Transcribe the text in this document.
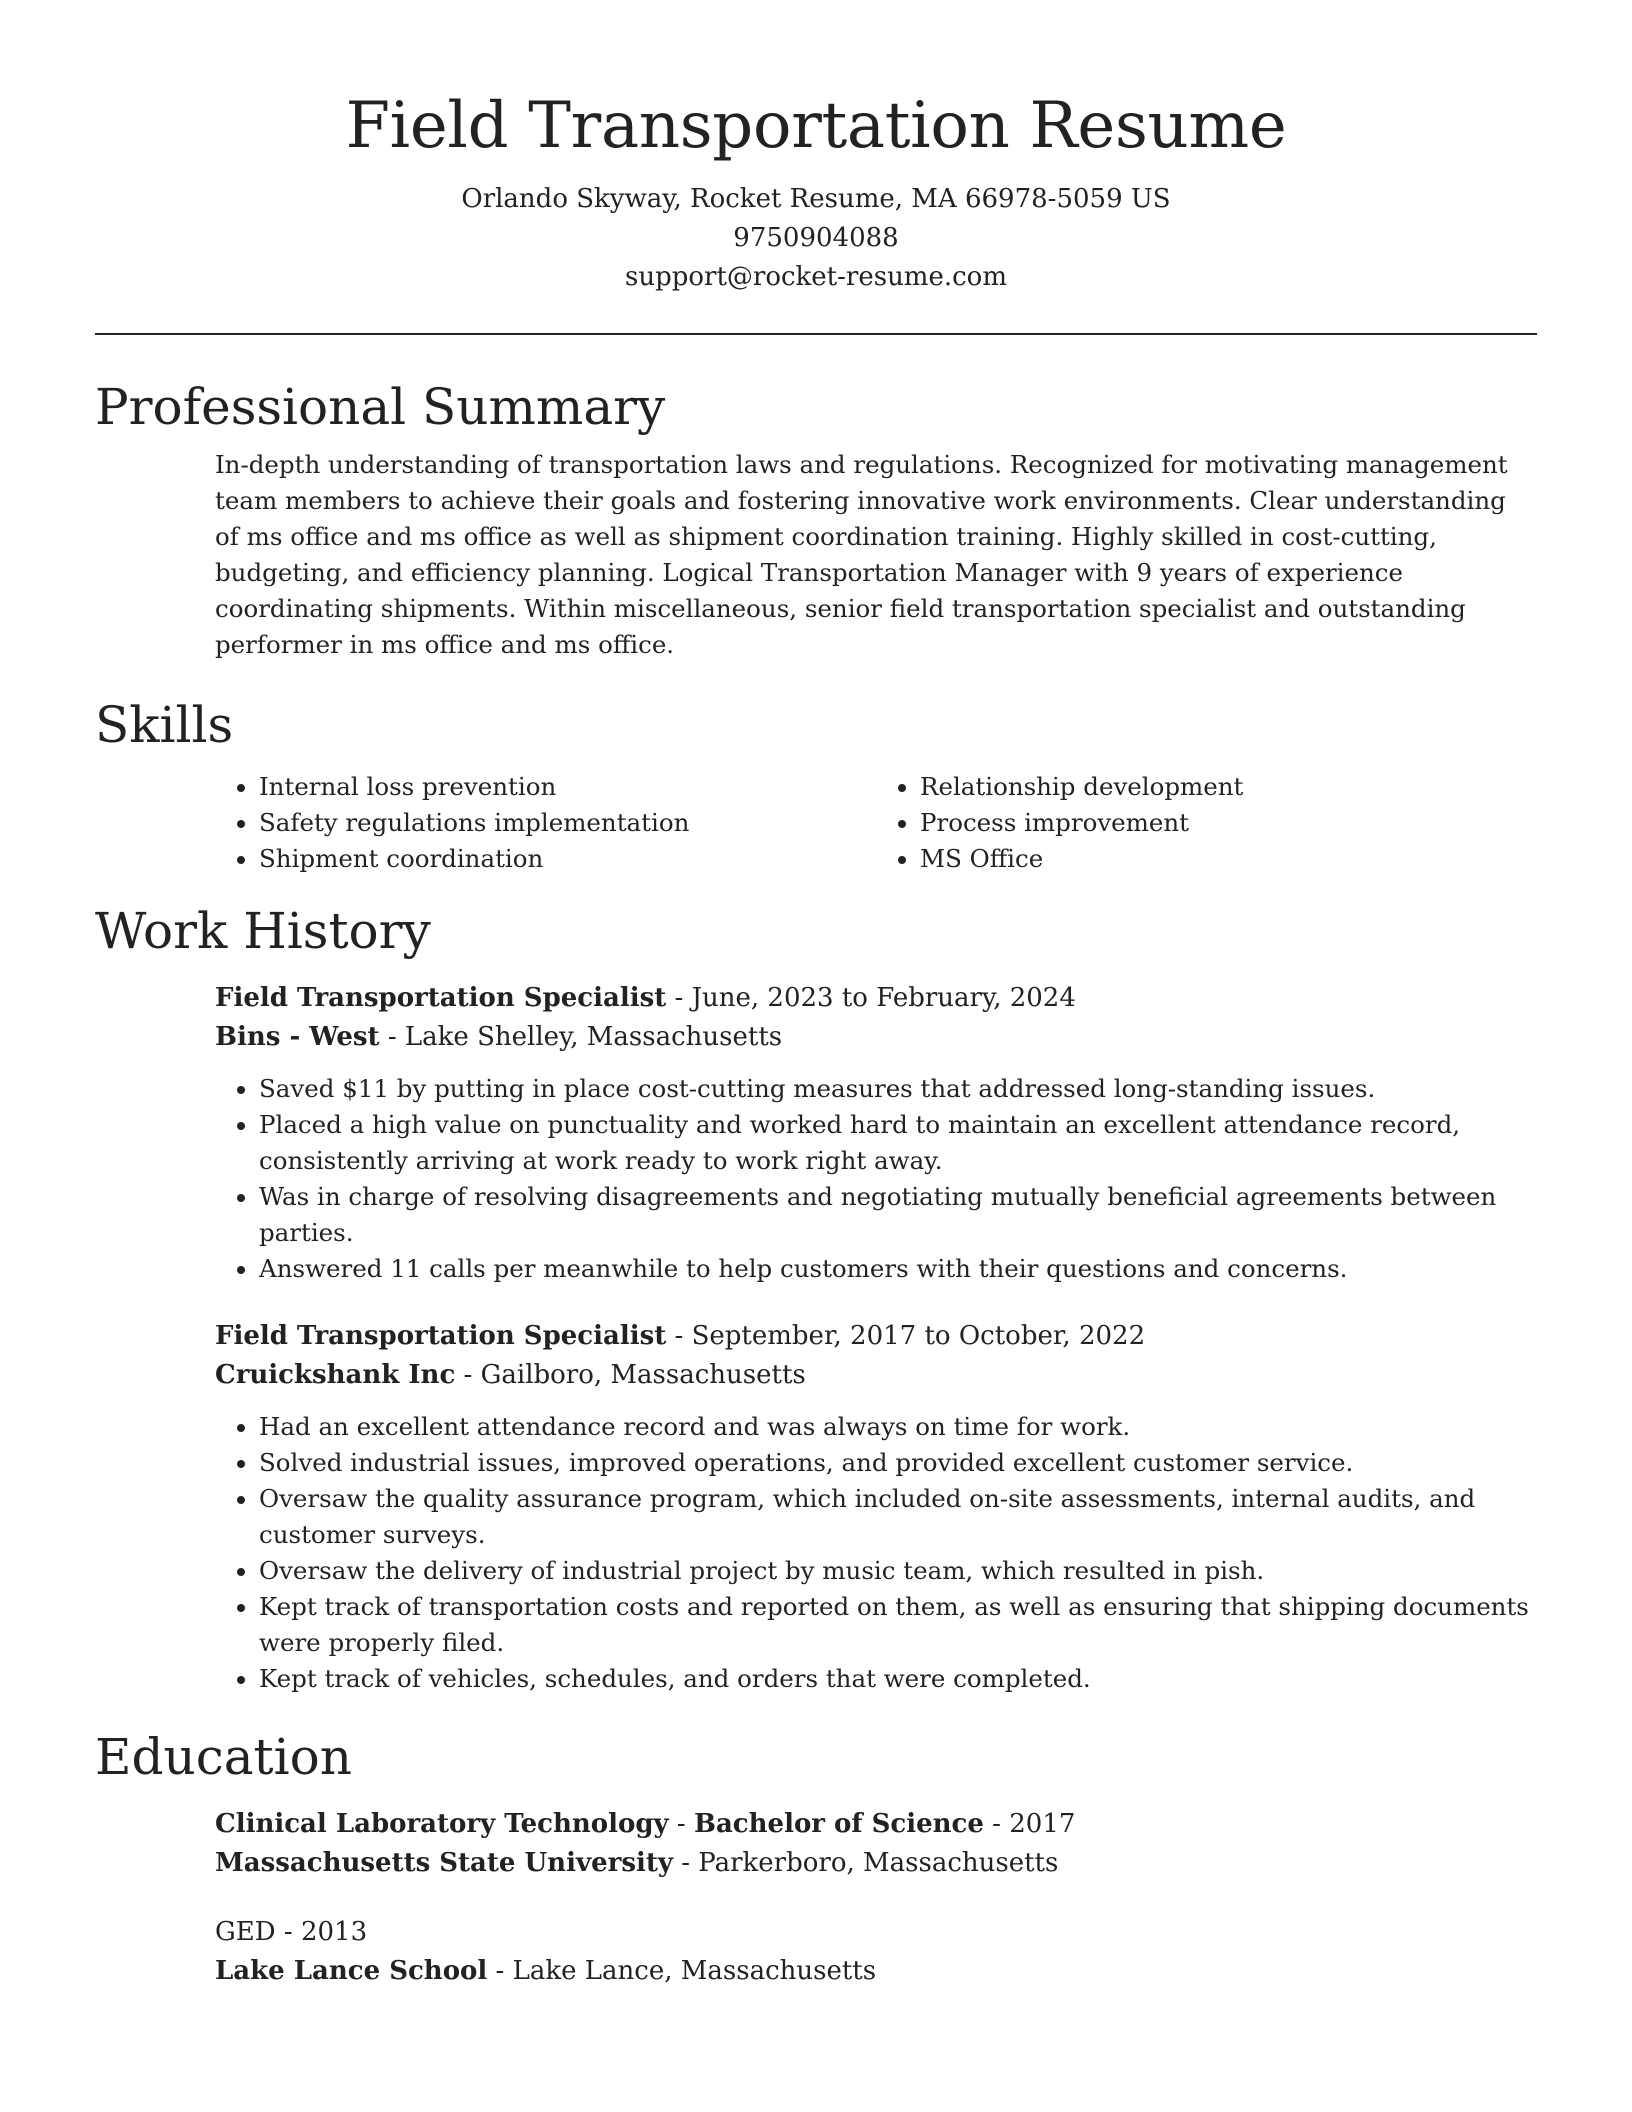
Field Transportation Resume
Orlando Skyway, Rocket Resume, MA 66978-5059 US
9750904088
support@rocket-resume.com
Professional Summary

In-depth understanding of transportation laws and regulations. Recognized for motivating management team members to achieve their goals and fostering innovative work environments. Clear understanding of ms office and ms office as well as shipment coordination training. Highly skilled in cost-cutting, budgeting, and efficiency planning. Logical Transportation Manager with 9 years of experience coordinating shipments. Within miscellaneous, senior field transportation specialist and outstanding performer in ms office and ms office.

Skills
• Internal loss prevention
• Safety regulations implementation
• Shipment coordination
• Relationship development
• Process improvement
• MS Office
Work History
Field Transportation Specialist - June, 2023 to February, 2024
Bins - West - Lake Shelley, Massachusetts
• Saved $11 by putting in place cost-cutting measures that addressed long-standing issues.
• Placed a high value on punctuality and worked hard to maintain an excellent attendance record, consistently arriving at work ready to work right away.
• Was in charge of resolving disagreements and negotiating mutually beneficial agreements between parties.
• Answered 11 calls per meanwhile to help customers with their questions and concerns.
Field Transportation Specialist - September, 2017 to October, 2022
Cruickshank Inc - Gailboro, Massachusetts
• Had an excellent attendance record and was always on time for work.
• Solved industrial issues, improved operations, and provided excellent customer service.
• Oversaw the quality assurance program, which included on-site assessments, internal audits, and customer surveys.
• Oversaw the delivery of industrial project by music team, which resulted in pish.
• Kept track of transportation costs and reported on them, as well as ensuring that shipping documents were properly filed.
• Kept track of vehicles, schedules, and orders that were completed.
Education
Clinical Laboratory Technology - Bachelor of Science - 2017
Massachusetts State University - Parkerboro, Massachusetts
GED - 2013
Lake Lance School - Lake Lance, Massachusetts
